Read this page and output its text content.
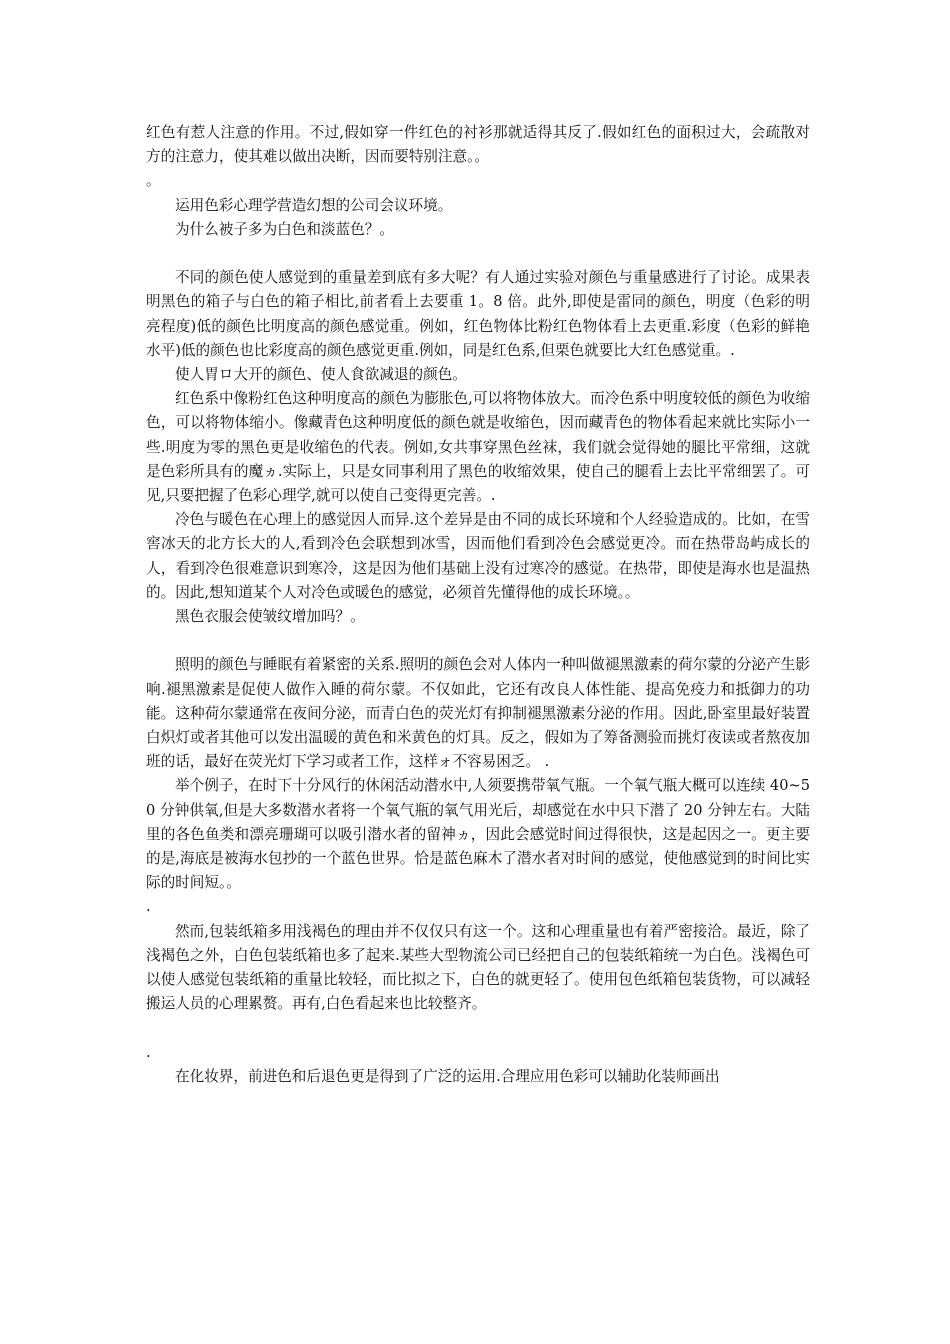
红色有惹人注意的作用。不过,假如穿一件红色的衬衫那就适得其反了.假如红色的面积过大，会疏散对方的注意力，使其难以做出决断，因而要特别注意。。

。

运用色彩心理学营造幻想的公司会议环境。

为什么被子多为白色和淡蓝色？。

不同的颜色使人感觉到的重量差到底有多大呢？有人通过实验对颜色与重量感进行了讨论。成果表明黑色的箱子与白色的箱子相比,前者看上去要重 1。8 倍。此外,即使是雷同的颜色，明度（色彩的明亮程度)低的颜色比明度高的颜色感觉重。例如，红色物体比粉红色物体看上去更重.彩度（色彩的鲜艳水平)低的颜色也比彩度高的颜色感觉更重.例如，同是红色系,但栗色就要比大红色感觉重。.

使人胃ロ大开的颜色、使人食欲减退的颜色。

红色系中像粉红色这种明度高的颜色为膨胀色,可以将物体放大。而冷色系中明度较低的颜色为收缩色，可以将物体缩小。像藏青色这种明度低的颜色就是收缩色，因而藏青色的物体看起来就比实际小一些.明度为零的黑色更是收缩色的代表。例如,女共事穿黑色丝袜，我们就会觉得她的腿比平常细，这就是色彩所具有的魔ヵ.实际上，只是女同事利用了黑色的收缩效果，使自己的腿看上去比平常细罢了。可见,只要把握了色彩心理学,就可以使自己变得更完善。.

冷色与暖色在心理上的感觉因人而异.这个差异是由不同的成长环境和个人经验造成的。比如，在雪窖冰天的北方长大的人,看到冷色会联想到冰雪，因而他们看到冷色会感觉更冷。而在热带岛屿成长的人，看到冷色很难意识到寒冷，这是因为他们基础上没有过寒冷的感觉。在热带，即使是海水也是温热的。因此,想知道某个人对冷色或暖色的感觉，必须首先懂得他的成长环境。。

黑色衣服会使皱纹增加吗？。

照明的颜色与睡眠有着紧密的关系.照明的颜色会对人体内一种叫做褪黑激素的荷尔蒙的分泌产生影响.褪黑激素是促使人做作入睡的荷尔蒙。不仅如此，它还有改良人体性能、提高免疫力和抵御力的功能。这种荷尔蒙通常在夜间分泌，而青白色的荧光灯有抑制褪黑激素分泌的作用。因此,卧室里最好装置白炽灯或者其他可以发出温暖的黄色和米黄色的灯具。反之，假如为了筹备测验而挑灯夜读或者熬夜加班的话，最好在荧光灯下学习或者工作，这样ォ不容易困乏。 .

举个例子，在时下十分风行的休闲活动潜水中,人须要携带氧气瓶。一个氧气瓶大概可以连续 40~50 分钟供氧,但是大多数潜水者将一个氧气瓶的氧气用光后，却感觉在水中只下潜了 20 分钟左右。大陆里的各色鱼类和漂亮珊瑚可以吸引潜水者的留神ヵ，因此会感觉时间过得很快，这是起因之一。更主要的是,海底是被海水包抄的一个蓝色世界。恰是蓝色麻木了潜水者对时间的感觉，使他感觉到的时间比实际的时间短。。

.

然而,包装纸箱多用浅褐色的理由并不仅仅只有这一个。这和心理重量也有着严密接洽。最近，除了浅褐色之外，白色包装纸箱也多了起来.某些大型物流公司已经把自己的包装纸箱统一为白色。浅褐色可以使人感觉包装纸箱的重量比较轻，而比拟之下，白色的就更轻了。使用包色纸箱包装货物，可以减轻搬运人员的心理累赘。再有,白色看起来也比较整齐。

.

在化妆界，前进色和后退色更是得到了广泛的运用.合理应用色彩可以辅助化装师画出
